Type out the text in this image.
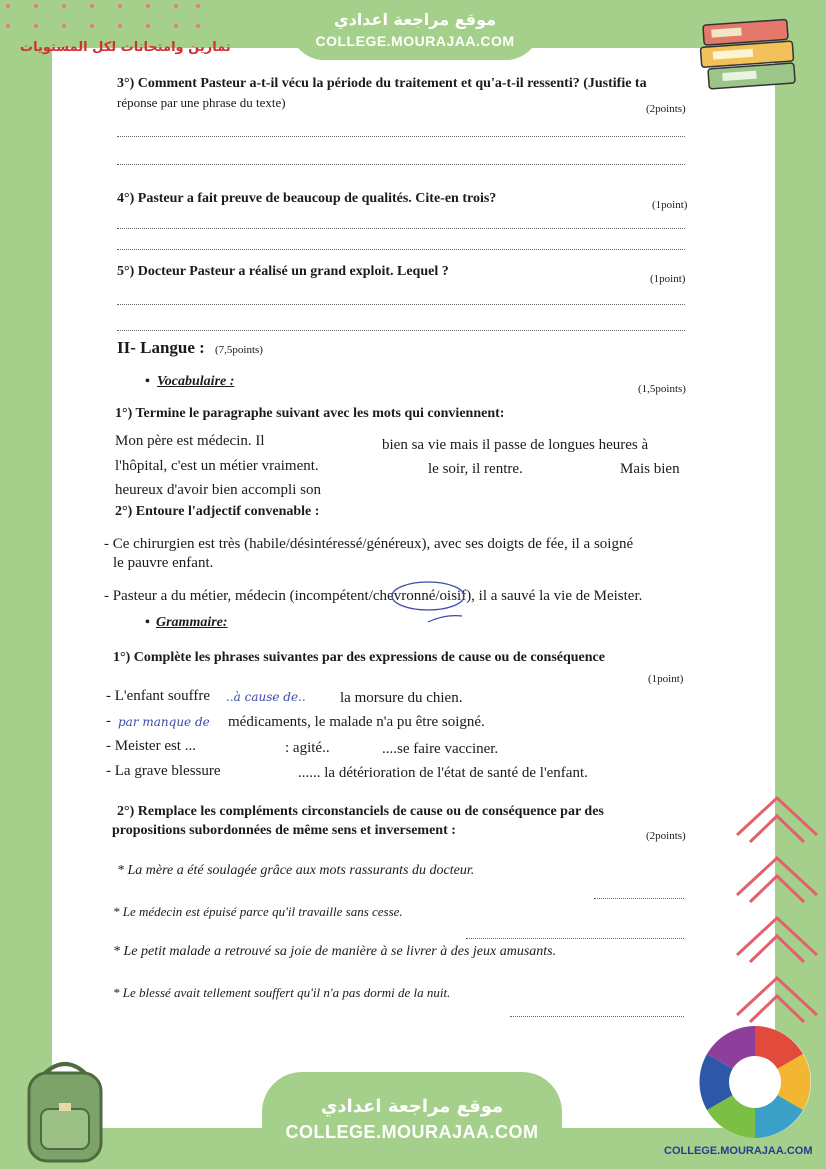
موقع مراجعة اعدادي
COLLEGE.MOURAJAA.COM
موقع مراجعة اعدادي
COLLEGE.MOURAJAA.COM
تمارين وامتحانات لكل المستويات
COLLEGE.MOURAJAA.COM
3°) Comment Pasteur a-t-il vécu la période du traitement et qu'a-t-il ressenti? (Justifie ta
réponse par une phrase du texte)	(2points)
4°) Pasteur a fait preuve de beaucoup de qualités. Cite-en trois?	(1point)
5°) Docteur Pasteur a réalisé un grand exploit. Lequel ?	(1point)
II- Langue : (7,5points)
• Vocabulaire :	(1,5points)
1°) Termine le paragraphe suivant avec les mots qui conviennent:
Mon père est médecin. Il	bien sa vie mais il passe de longues heures à
l'hôpital, c'est un métier vraiment.	le soir, il rentre.	Mais bien
heureux d'avoir bien accompli son
2°) Entoure l'adjectif convenable :
- Ce chirurgien est très (habile/désintéressé/généreux), avec ses doigts de fée, il a soigné
le pauvre enfant.
- Pasteur a du métier, médecin (incompétent/chevronné/oisif), il a sauvé la vie de Meister.
• Grammaire:
1°) Complète les phrases suivantes par des expressions de cause ou de conséquence
(1point)
- L'enfant souffre ..à cause de.. la morsure du chien.
- par manque de médicaments, le malade n'a pu être soigné.
- Meister est ...	: agité..	....se faire vacciner.
- La grave blessure	...... la détérioration de l'état de santé de l'enfant.
2°) Remplace les compléments circonstanciels de cause ou de conséquence par des
propositions subordonnées de même sens et inversement :	(2points)
* La mère a été soulagée grâce aux mots rassurants du docteur.
* Le médecin est épuisé parce qu'il travaille sans cesse.
* Le petit malade a retrouvé sa joie de manière à se livrer à des jeux amusants.
* Le blessé avait tellement souffert qu'il n'a pas dormi de la nuit.
